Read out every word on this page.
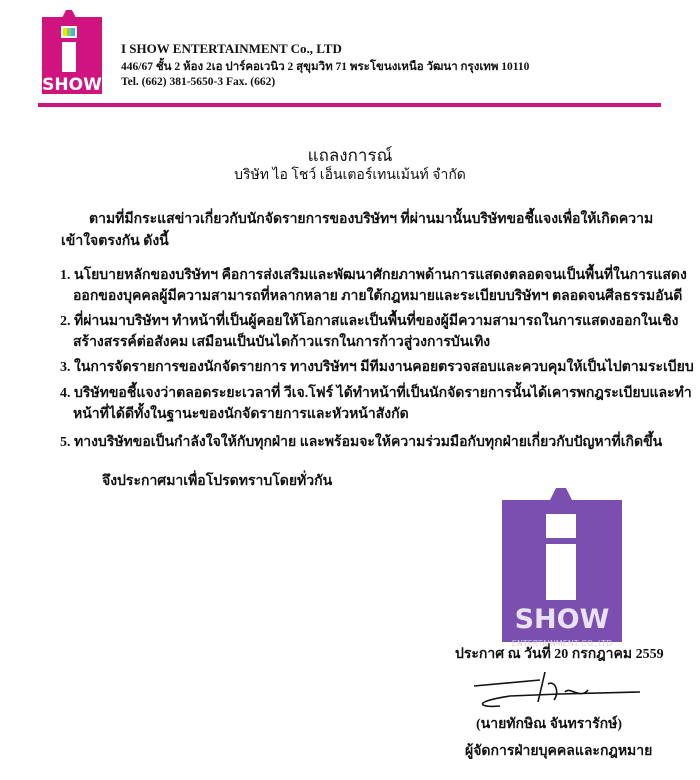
SHOW
I SHOW ENTERTAINMENT Co., LTD
446/67 ชั้น 2 ห้อง 2เอ ปาร์คอเวนิว 2 สุขุมวิท 71 พระโขนงเหนือ วัฒนา กรุงเทพ 10110
Tel. (662) 381-5650-3 Fax. (662)
แถลงการณ์
บริษัท ไอ โชว์ เอ็นเตอร์เทนเม้นท์ จำกัด
ตามที่มีกระแสข่าวเกี่ยวกับนักจัดรายการของบริษัทฯ ที่ผ่านมานั้นบริษัทขอชี้แจงเพื่อให้เกิดความ
เข้าใจตรงกัน ดังนี้
1. นโยบายหลักของบริษัทฯ คือการส่งเสริมและพัฒนาศักยภาพด้านการแสดงตลอดจนเป็นพื้นที่ในการแสดง
ออกของบุคคลผู้มีความสามารถที่หลากหลาย ภายใต้กฎหมายและระเบียบบริษัทฯ ตลอดจนศีลธรรมอันดี
2. ที่ผ่านมาบริษัทฯ ทำหน้าที่เป็นผู้คอยให้โอกาสและเป็นพื้นที่ของผู้มีความสามารถในการแสดงออกในเชิง
สร้างสรรค์ต่อสังคม เสมือนเป็นบันไดก้าวแรกในการก้าวสู่วงการบันเทิง
3. ในการจัดรายการของนักจัดรายการ ทางบริษัทฯ มีทีมงานคอยตรวจสอบและควบคุมให้เป็นไปตามระเบียบ
4. บริษัทขอชี้แจงว่าตลอดระยะเวลาที่ วีเจ.โฟร์ ได้ทำหน้าที่เป็นนักจัดรายการนั้นได้เคารพกฎระเบียบและทำ
หน้าที่ได้ดีทั้งในฐานะของนักจัดรายการและหัวหน้าสังกัด
5. ทางบริษัทขอเป็นกำลังใจให้กับทุกฝ่าย และพร้อมจะให้ความร่วมมือกับทุกฝ่ายเกี่ยวกับปัญหาที่เกิดขึ้น
จึงประกาศมาเพื่อโปรดทราบโดยทั่วกัน
SHOW
ENTERTAINMENT CO.,LTD
ประกาศ ณ วันที่ 20 กรกฎาคม 2559
(นายทักษิณ จันทรารักษ์)
ผู้จัดการฝ่ายบุคคลและกฎหมาย
